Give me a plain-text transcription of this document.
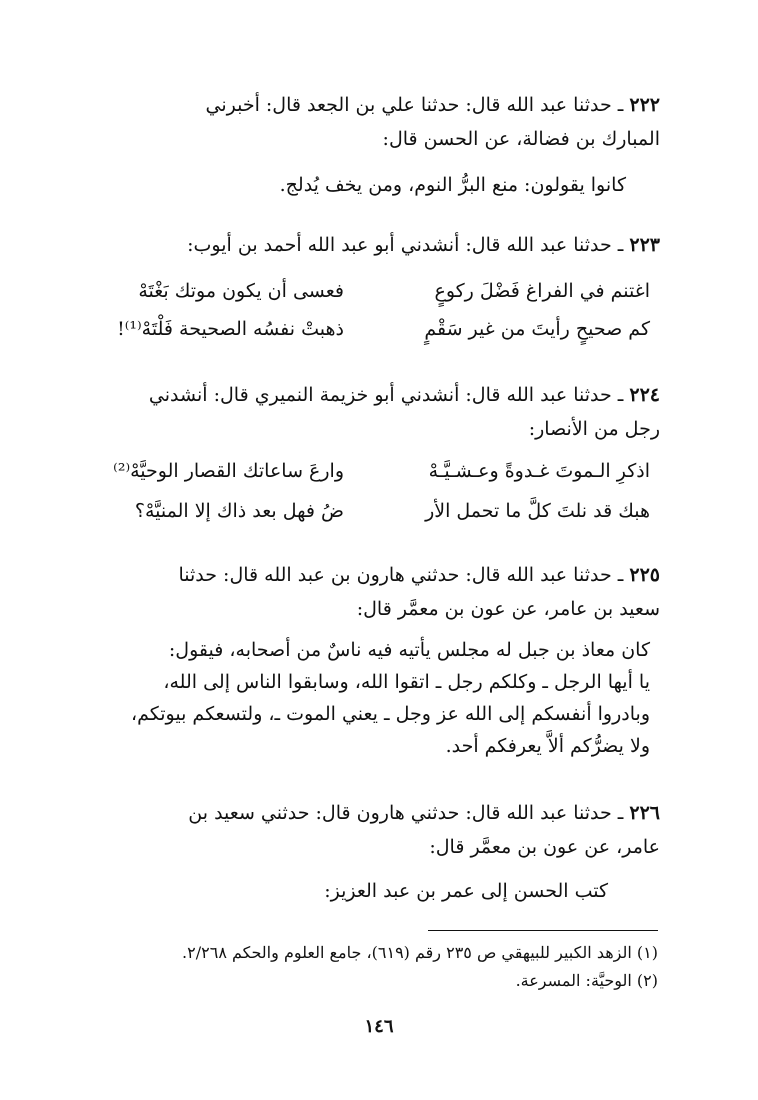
٢٢٢ ـ حدثنا عبد الله قال: حدثنا علي بن الجعد قال: أخبرني
المبارك بن فضالة، عن الحسن قال:
كانوا يقولون: منع البرُّ النوم، ومن يخف يُدلج.
٢٢٣ ـ حدثنا عبد الله قال: أنشدني أبو عبد الله أحمد بن أيوب:
اغتنم في الفراغ فَضْلَ ركوعٍ
فعسى أن يكون موتك بَغْتَهْ
كم صحيحٍ رأيتَ من غير سَقْمٍ
ذهبتْ نفسُه الصحيحة فَلْتَهْ⁽¹⁾!
٢٢٤ ـ حدثنا عبد الله قال: أنشدني أبو خزيمة النميري قال: أنشدني
رجل من الأنصار:
اذكرِ الـموتَ غـدوةً وعـشـيَّـهْ
وارعَ ساعاتك القصار الوحيَّهْ⁽²⁾
هبك قد نلتَ كلَّ ما تحمل الأر
ضُ فهل بعد ذاك إلا المنيَّهْ؟
٢٢٥ ـ حدثنا عبد الله قال: حدثني هارون بن عبد الله قال: حدثنا
سعيد بن عامر، عن عون بن معمَّر قال:
كان معاذ بن جبل له مجلس يأتيه فيه ناسٌ من أصحابه، فيقول:
يا أيها الرجل ـ وكلكم رجل ـ اتقوا الله، وسابقوا الناس إلى الله،
وبادروا أنفسكم إلى الله عز وجل ـ يعني الموت ـ، ولتسعكم بيوتكم،
ولا يضرُّكم ألاَّ يعرفكم أحد.
٢٢٦ ـ حدثنا عبد الله قال: حدثني هارون قال: حدثني سعيد بن
عامر، عن عون بن معمَّر قال:
كتب الحسن إلى عمر بن عبد العزيز:
(١) الزهد الكبير للبيهقي ص ٢٣٥ رقم (٦١٩)، جامع العلوم والحكم ٢/٢٦٨.
(٢) الوحيَّة: المسرعة.
١٤٦
